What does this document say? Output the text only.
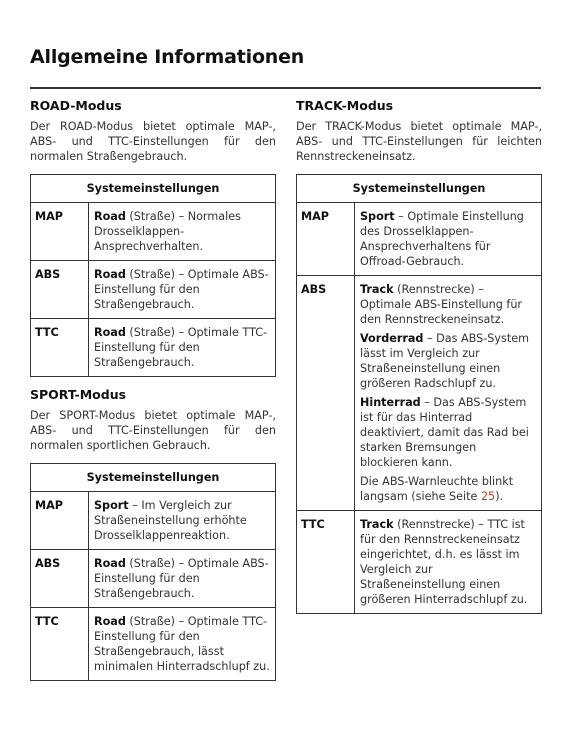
Allgemeine Informationen
ROAD-Modus

Der ROAD-Modus bietet optimale MAP-, ABS- und TTC-Einstellungen für den normalen Straßengebrauch.

Systemeinstellungen	
MAP	Road (Straße) – Normales Drosselklappen-Ansprechverhalten.
ABS	Road (Straße) – Optimale ABS-Einstellung für den Straßengebrauch.
TTC	Road (Straße) – Optimale TTC-Einstellung für den Straßengebrauch.
SPORT-Modus

Der SPORT-Modus bietet optimale MAP-, ABS- und TTC-Einstellungen für den normalen sportlichen Gebrauch.

Systemeinstellungen	
MAP	Sport – Im Vergleich zur Straßeneinstellung erhöhte Drosselklappenreaktion.
ABS	Road (Straße) – Optimale ABS-Einstellung für den Straßengebrauch.
TTC	Road (Straße) – Optimale TTC-Einstellung für den Straßengebrauch, lässt minimalen Hinterradschlupf zu.
TRACK-Modus

Der TRACK-Modus bietet optimale MAP-, ABS- und TTC-Einstellungen für leichten Rennstreckeneinsatz.

Systemeinstellungen	
MAP	Sport – Optimale Einstellung des Drosselklappen-Ansprechverhaltens für Offroad-Gebrauch.
ABS	Track (Rennstrecke) – Optimale ABS-Einstellung für den Rennstreckeneinsatz.

Vorderrad – Das ABS-System lässt im Vergleich zur Straßeneinstellung einen größeren Radschlupf zu.

Hinterrad – Das ABS-System ist für das Hinterrad deaktiviert, damit das Rad bei starken Bremsungen blockieren kann.

Die ABS-Warnleuchte blinkt langsam (siehe Seite 25).

TTC	Track (Rennstrecke) – TTC ist für den Rennstreckeneinsatz eingerichtet, d.h. es lässt im Vergleich zur Straßeneinstellung einen größeren Hinterradschlupf zu.
